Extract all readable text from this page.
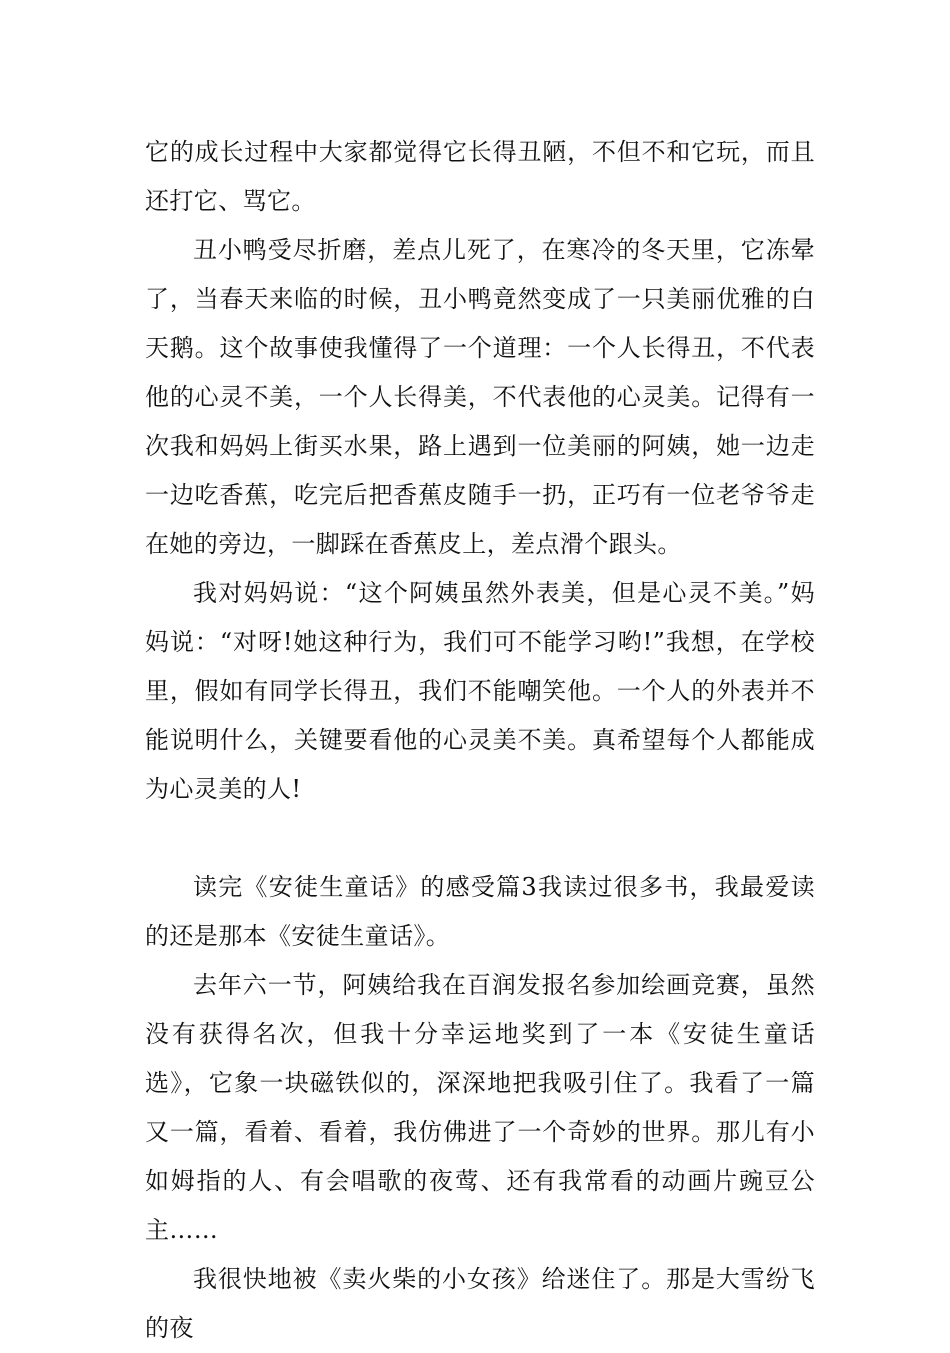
它的成长过程中大家都觉得它长得丑陋，不但不和它玩，而且还打它、骂它。

丑小鸭受尽折磨，差点儿死了，在寒冷的冬天里，它冻晕了，当春天来临的时候，丑小鸭竟然变成了一只美丽优雅的白天鹅。这个故事使我懂得了一个道理：一个人长得丑，不代表他的心灵不美，一个人长得美，不代表他的心灵美。记得有一次我和妈妈上街买水果，路上遇到一位美丽的阿姨，她一边走一边吃香蕉，吃完后把香蕉皮随手一扔，正巧有一位老爷爷走在她的旁边，一脚踩在香蕉皮上，差点滑个跟头。

我对妈妈说：“这个阿姨虽然外表美，但是心灵不美。”妈妈说：“对呀!她这种行为，我们可不能学习哟!”我想，在学校里，假如有同学长得丑，我们不能嘲笑他。一个人的外表并不能说明什么，关键要看他的心灵美不美。真希望每个人都能成为心灵美的人!

读完《安徒生童话》的感受篇3我读过很多书，我最爱读的还是那本《安徒生童话》。

去年六一节，阿姨给我在百润发报名参加绘画竞赛，虽然没有获得名次，但我十分幸运地奖到了一本《安徒生童话选》，它象一块磁铁似的，深深地把我吸引住了。我看了一篇又一篇，看着、看着，我仿佛进了一个奇妙的世界。那儿有小如姆指的人、有会唱歌的夜莺、还有我常看的动画片豌豆公主……

我很快地被《卖火柴的小女孩》给迷住了。那是大雪纷飞的夜
